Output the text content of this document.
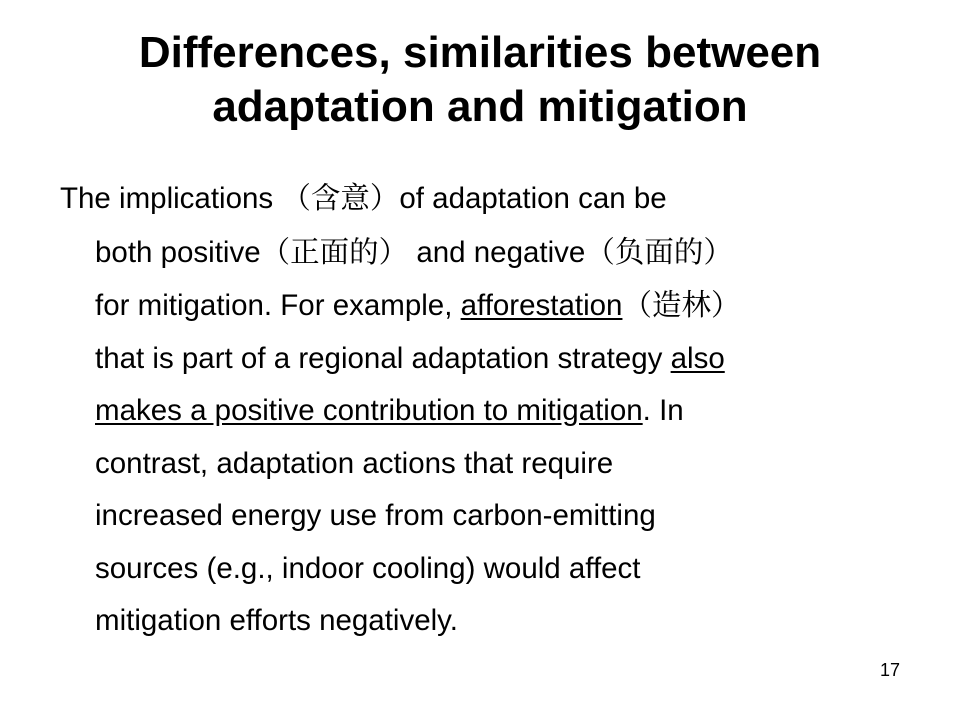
Differences, similarities between
adaptation and mitigation
The implications （含意）of adaptation can be
both positive（正面的） and negative（负面的）
for mitigation. For example, afforestation（造林）
that is part of a regional adaptation strategy also
makes a positive contribution to mitigation. In
contrast, adaptation actions that require
increased energy use from carbon-emitting
sources (e.g., indoor cooling) would affect
mitigation efforts negatively.
17
